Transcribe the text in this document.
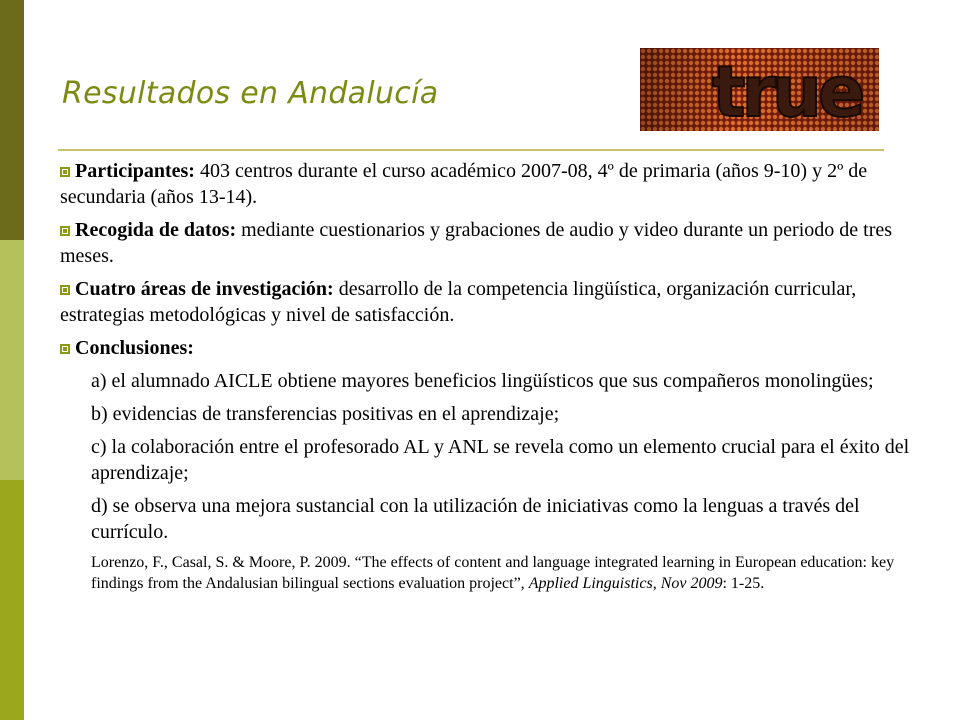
Resultados en Andalucía	true

Participantes: 403 centros durante el curso académico 2007-08, 4º de primaria (años 9-10) y 2º de secundaria (años 13-14).

Recogida de datos: mediante cuestionarios y grabaciones de audio y video durante un periodo de tres meses.

Cuatro áreas de investigación: desarrollo de la competencia lingüística, organización curricular, estrategias metodológicas y nivel de satisfacción.

Conclusiones:

a) el alumnado AICLE obtiene mayores beneficios lingüísticos que sus compañeros monolingües;

b) evidencias de transferencias positivas en el aprendizaje;

c) la colaboración entre el profesorado AL y ANL se revela como un elemento crucial para el éxito del aprendizaje;

d) se observa una mejora sustancial con la utilización de iniciativas como la lenguas a través del currículo.

Lorenzo, F., Casal, S. & Moore, P. 2009. “The effects of content and language integrated learning in European education: key findings from the Andalusian bilingual sections evaluation project”, Applied Linguistics, Nov 2009: 1-25.
